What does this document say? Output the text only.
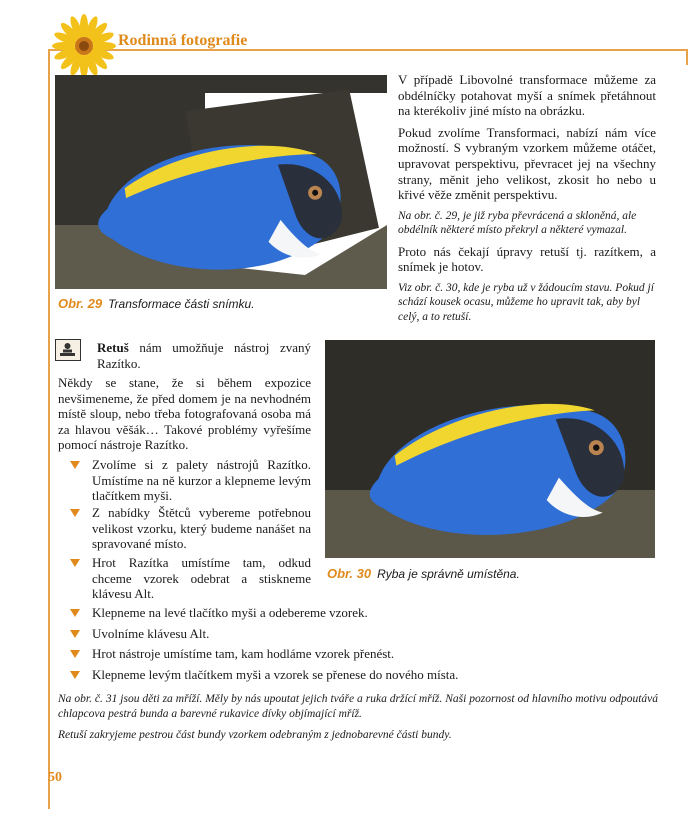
Rodinná fotografie
Obr. 29 Transformace části snímku.

V případě Libovolné transformace můžeme za obdélníčky potahovat myší a snímek přetáhnout na kterékoliv jiné místo na obrázku.

Pokud zvolíme Transformaci, nabízí nám více možností. S vybraným vzorkem můžeme otáčet, upravovat perspektivu, převracet jej na všechny strany, měnit jeho velikost, zkosit ho nebo u křivé věže změnit perspektivu.

Na obr. č. 29, je již ryba převrácená a skloněná, ale obdélník některé místo překryl a některé vymazal.

Proto nás čekají úpravy retuší tj. razítkem, a snímek je hotov.

Viz obr. č. 30, kde je ryba už v žádoucím stavu. Pokud jí schází kousek ocasu, můžeme ho upravit tak, aby byl celý, a to retuší.

Retuš nám umožňuje nástroj zvaný Razítko.

Někdy se stane, že si během expozice nevšimeneme, že před domem je na nevhodném místě sloup, nebo třeba fotografovaná osoba má za hlavou věšák… Takové problémy vyřešíme pomocí nástroje Razítko.

Zvolíme si z palety nástrojů Razítko. Umístíme na ně kurzor a klepneme levým tlačítkem myši.
Z nabídky Štětců vybereme potřebnou velikost vzorku, který budeme nanášet na spravované místo.
Hrot Razítka umístíme tam, odkud chceme vzorek odebrat a stiskneme klávesu Alt.
Obr. 30 Ryba je správně umístěna.
Klepneme na levé tlačítko myši a odebereme vzorek.
Uvolníme klávesu Alt.
Hrot nástroje umístíme tam, kam hodláme vzorek přenést.
Klepneme levým tlačítkem myši a vzorek se přenese do nového místa.

Na obr. č. 31 jsou děti za mříží. Měly by nás upoutat jejich tváře a ruka držící mříž. Naši pozornost od hlavního motivu odpoutává chlapcova pestrá bunda a barevné rukavice dívky objímající mříž.

Retuší zakryjeme pestrou část bundy vzorkem odebraným z jednobarevné části bundy.

50
